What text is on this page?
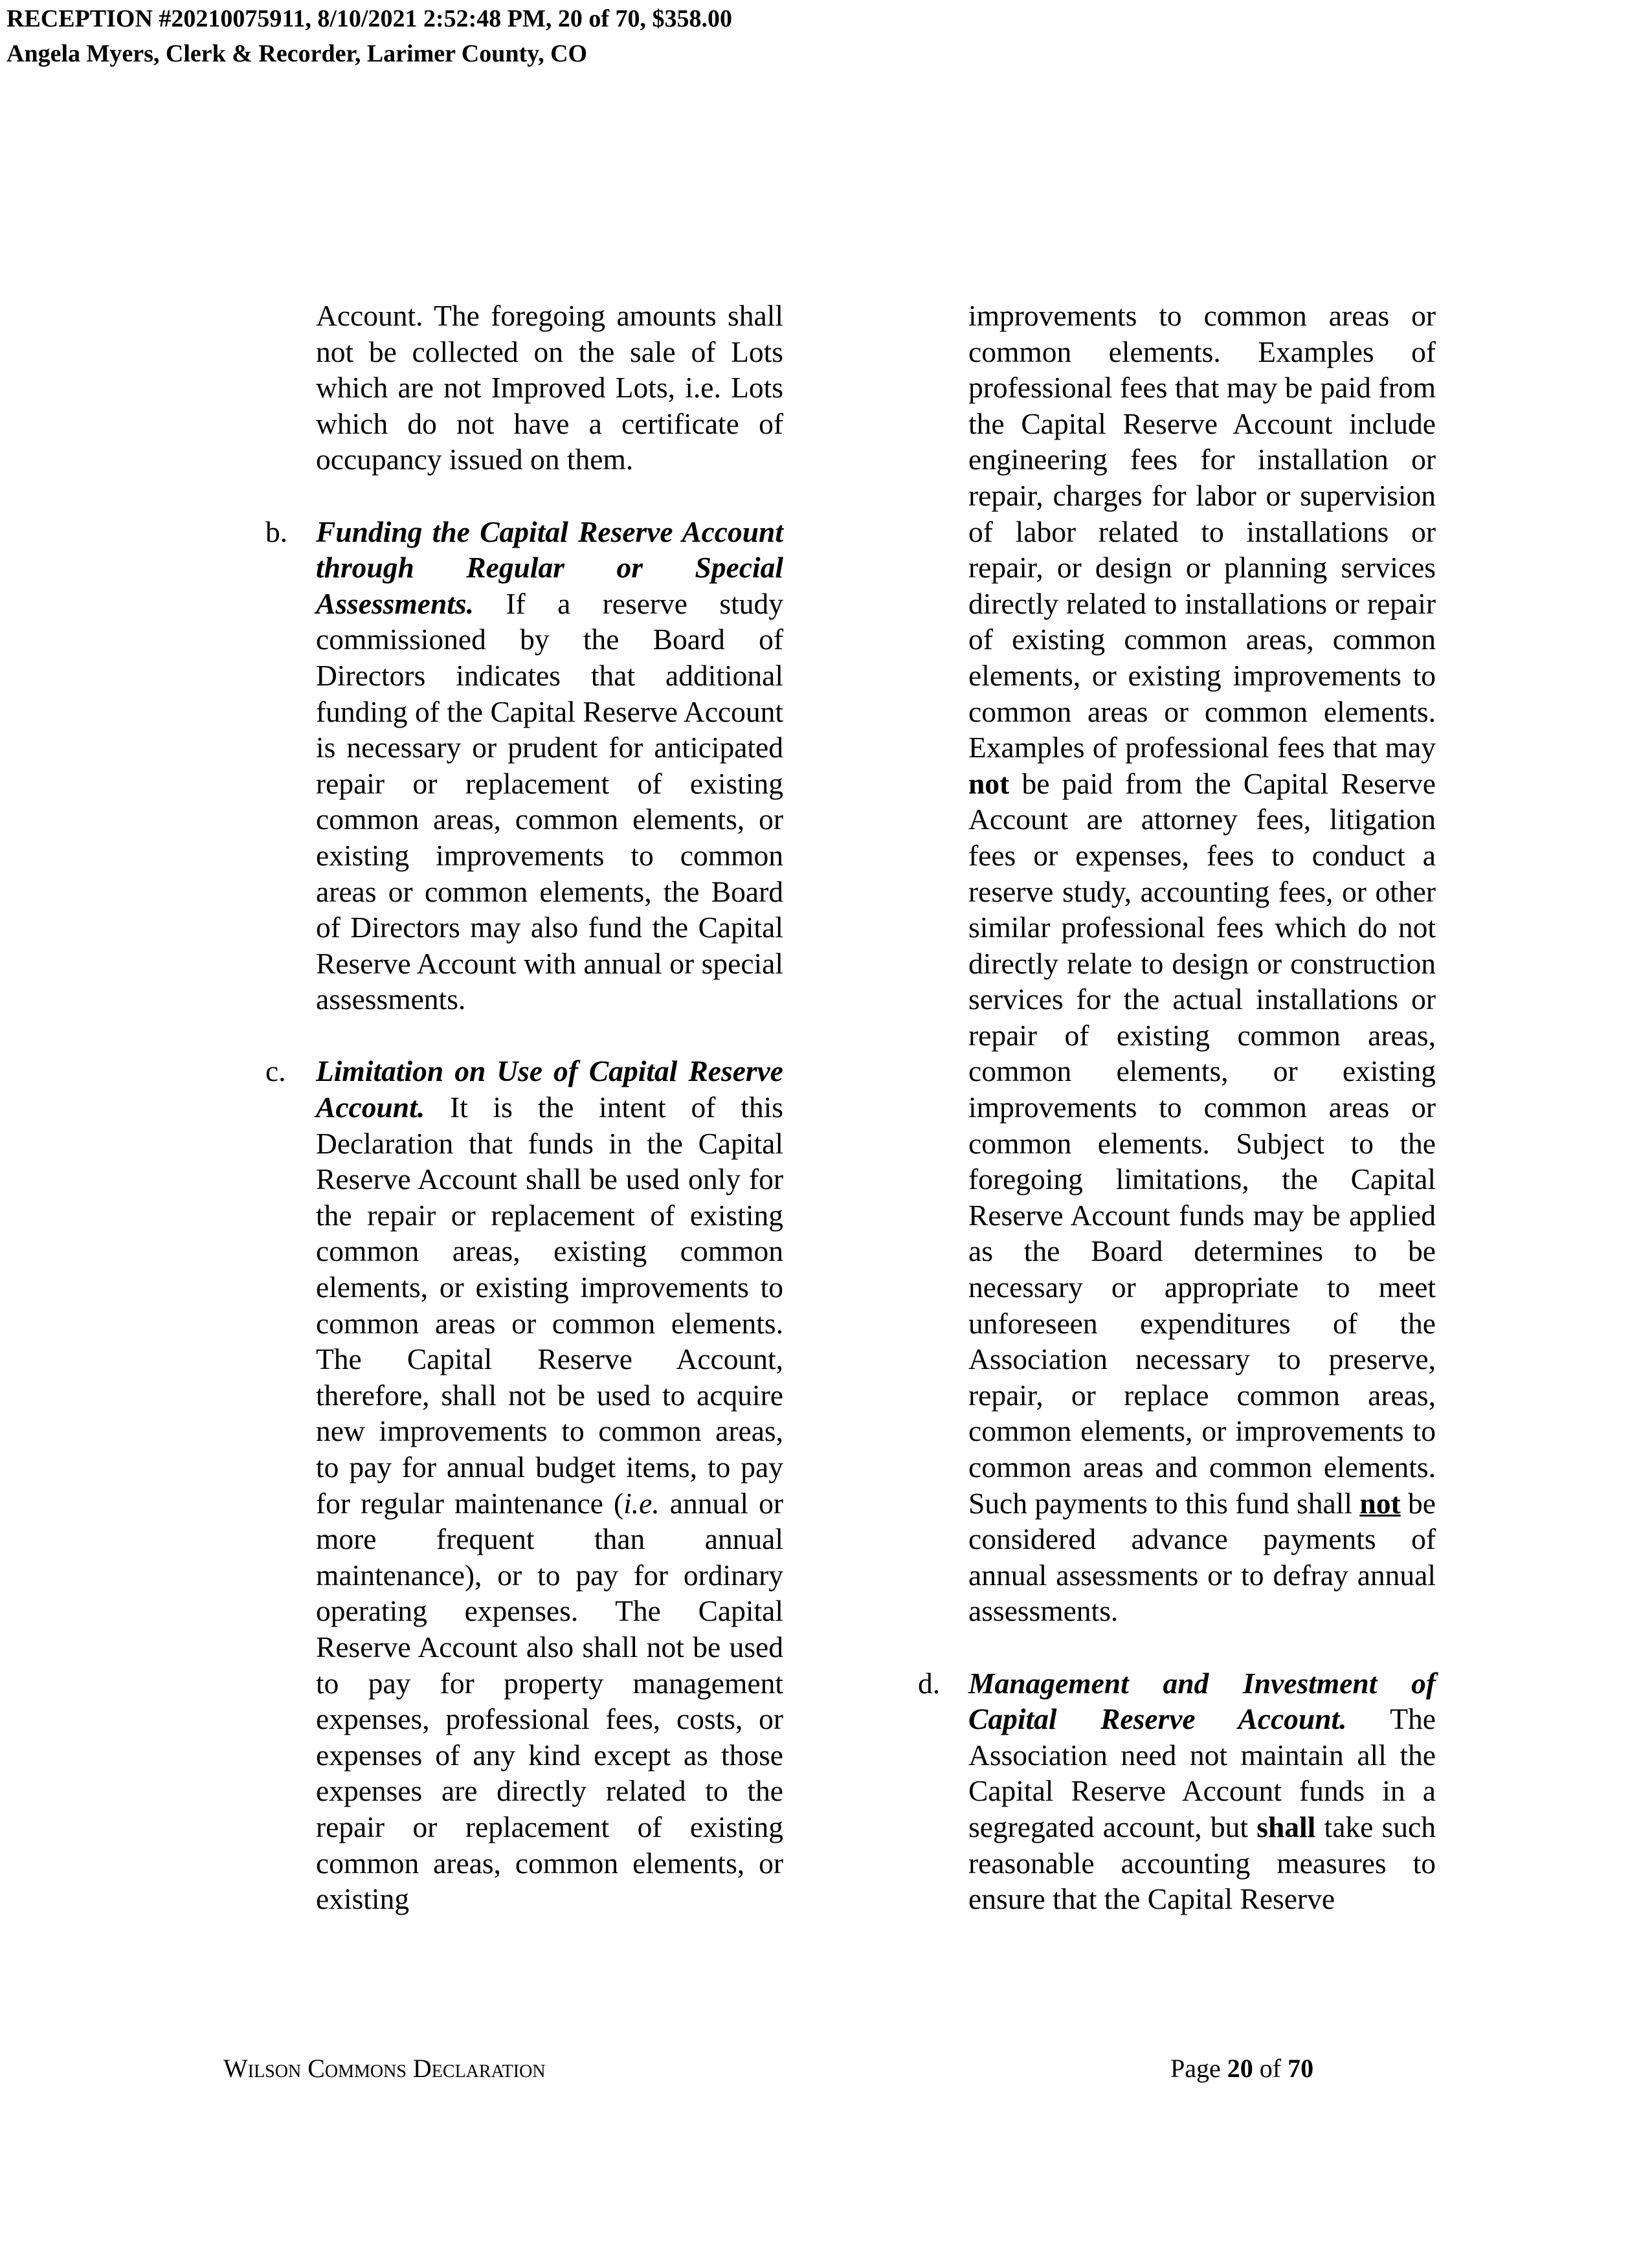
RECEPTION #20210075911, 8/10/2021 2:52:48 PM, 20 of 70, $358.00
Angela Myers, Clerk & Recorder, Larimer County, CO

Account. The foregoing amounts shall not be collected on the sale of Lots which are not Improved Lots, i.e. Lots which do not have a certificate of occupancy issued on them.

b. Funding the Capital Reserve Account through Regular or Special Assessments. If a reserve study commissioned by the Board of Directors indicates that additional funding of the Capital Reserve Account is necessary or prudent for anticipated repair or replacement of existing common areas, common elements, or existing improvements to common areas or common elements, the Board of Directors may also fund the Capital Reserve Account with annual or special assessments.
c. Limitation on Use of Capital Reserve Account. It is the intent of this Declaration that funds in the Capital Reserve Account shall be used only for the repair or replacement of existing common areas, existing common elements, or existing improvements to common areas or common elements. The Capital Reserve Account, therefore, shall not be used to acquire new improvements to common areas, to pay for annual budget items, to pay for regular maintenance (i.e. annual or more frequent than annual maintenance), or to pay for ordinary operating expenses. The Capital Reserve Account also shall not be used to pay for property management expenses, professional fees, costs, or expenses of any kind except as those expenses are directly related to the repair or replacement of existing common areas, common elements, or existing

improvements to common areas or common elements. Examples of professional fees that may be paid from the Capital Reserve Account include engineering fees for installation or repair, charges for labor or supervision of labor related to installations or repair, or design or planning services directly related to installations or repair of existing common areas, common elements, or existing improvements to common areas or common elements. Examples of professional fees that may not be paid from the Capital Reserve Account are attorney fees, litigation fees or expenses, fees to conduct a reserve study, accounting fees, or other similar professional fees which do not directly relate to design or construction services for the actual installations or repair of existing common areas, common elements, or existing improvements to common areas or common elements. Subject to the foregoing limitations, the Capital Reserve Account funds may be applied as the Board determines to be necessary or appropriate to meet unforeseen expenditures of the Association necessary to preserve, repair, or replace common areas, common elements, or improvements to common areas and common elements. Such payments to this fund shall not be considered advance payments of annual assessments or to defray annual assessments.

d. Management and Investment of Capital Reserve Account. The Association need not maintain all the Capital Reserve Account funds in a segregated account, but shall take such reasonable accounting measures to ensure that the Capital Reserve
Wilson Commons Declaration	Page 20 of 70
